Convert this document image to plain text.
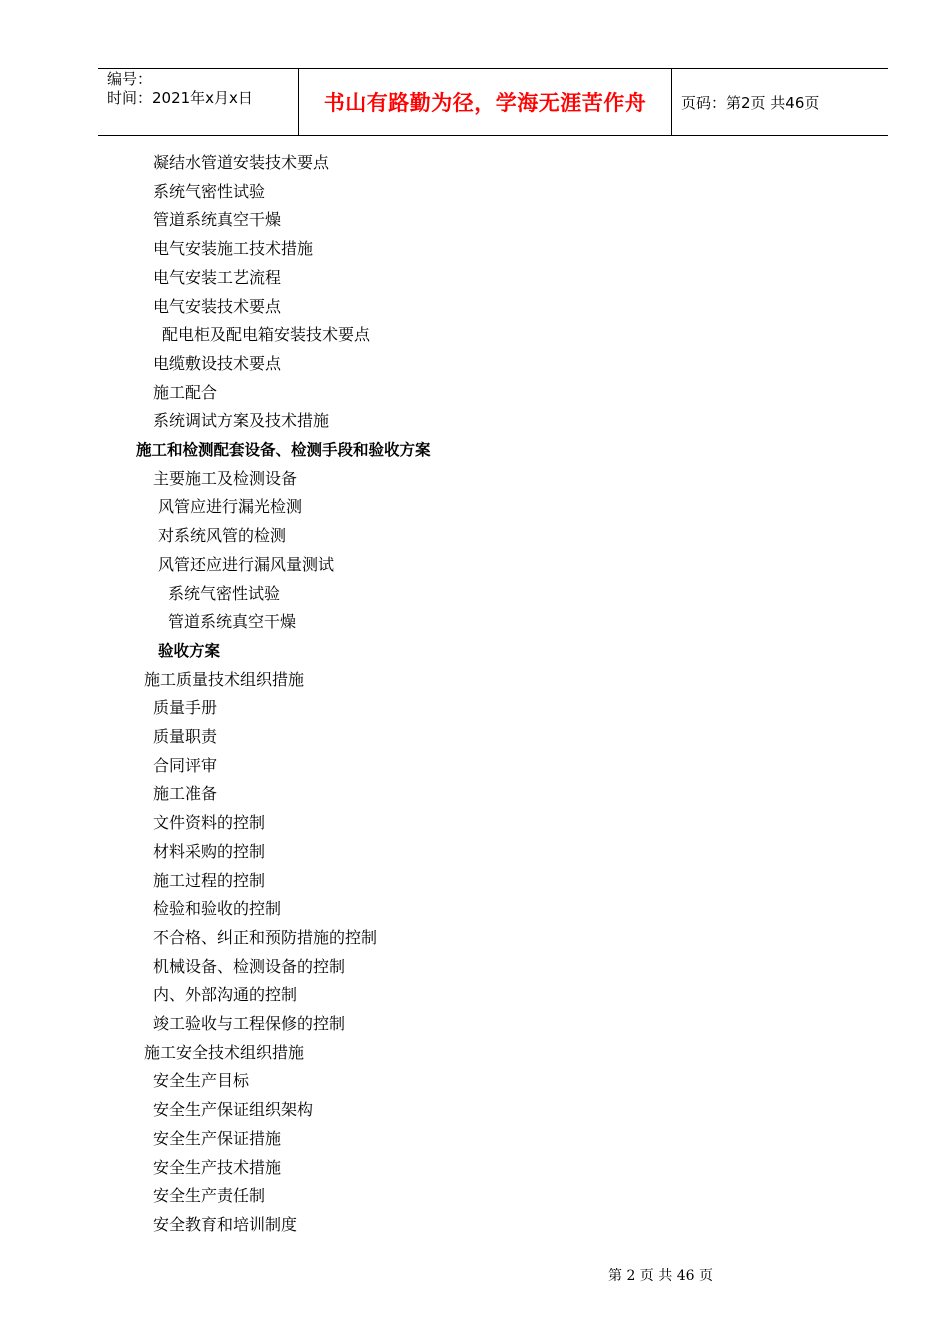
编号：
时间：2021年x月x日	书山有路勤为径，学海无涯苦作舟	页码：第2页 共46页
凝结水管道安装技术要点
系统气密性试验
管道系统真空干燥
电气安装施工技术措施
电气安装工艺流程
电气安装技术要点
配电柜及配电箱安装技术要点
电缆敷设技术要点
施工配合
系统调试方案及技术措施
施工和检测配套设备、检测手段和验收方案
主要施工及检测设备
风管应进行漏光检测
对系统风管的检测
风管还应进行漏风量测试
系统气密性试验
管道系统真空干燥
验收方案
施工质量技术组织措施
质量手册
质量职责
合同评审
施工准备
文件资料的控制
材料采购的控制
施工过程的控制
检验和验收的控制
不合格、纠正和预防措施的控制
机械设备、检测设备的控制
内、外部沟通的控制
竣工验收与工程保修的控制
施工安全技术组织措施
安全生产目标
安全生产保证组织架构
安全生产保证措施
安全生产技术措施
安全生产责任制
安全教育和培训制度
第 2 页 共 46 页
